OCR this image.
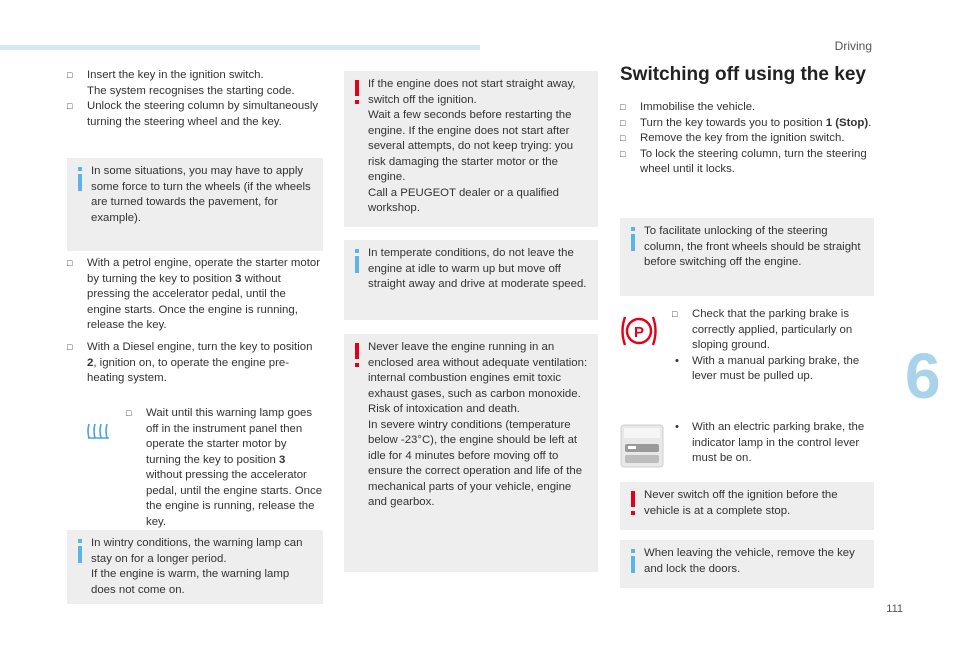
Driving
6
111
□ Insert the key in the ignition switch.
The system recognises the starting code.
□ Unlock the steering column by simultaneously turning the steering wheel and the key.
In some situations, you may have to apply some force to turn the wheels (if the wheels are turned towards the pavement, for example).
□ With a petrol engine, operate the starter motor by turning the key to position 3 without pressing the accelerator pedal, until the engine starts. Once the engine is running, release the key.
□ With a Diesel engine, turn the key to position 2, ignition on, to operate the engine pre-heating system.
□ Wait until this warning lamp goes off in the instrument panel then operate the starter motor by turning the key to position 3 without pressing the accelerator pedal, until the engine starts. Once the engine is running, release the key.
In wintry conditions, the warning lamp can stay on for a longer period.
If the engine is warm, the warning lamp does not come on.
If the engine does not start straight away, switch off the ignition.
Wait a few seconds before restarting the engine. If the engine does not start after several attempts, do not keep trying: you risk damaging the starter motor or the engine.
Call a PEUGEOT dealer or a qualified workshop.
In temperate conditions, do not leave the engine at idle to warm up but move off straight away and drive at moderate speed.
Never leave the engine running in an enclosed area without adequate ventilation: internal combustion engines emit toxic exhaust gases, such as carbon monoxide. Risk of intoxication and death.
In severe wintry conditions (temperature below -23°C), the engine should be left at idle for 4 minutes before moving off to ensure the correct operation and life of the mechanical parts of your vehicle, engine and gearbox.
Switching off using the key
□ Immobilise the vehicle.
□ Turn the key towards you to position 1 (Stop).
□ Remove the key from the ignition switch.
□ To lock the steering column, turn the steering wheel until it locks.
To facilitate unlocking of the steering column, the front wheels should be straight before switching off the engine.
P
□ Check that the parking brake is correctly applied, particularly on sloping ground.
• With a manual parking brake, the lever must be pulled up.
• With an electric parking brake, the indicator lamp in the control lever must be on.
Never switch off the ignition before the vehicle is at a complete stop.
When leaving the vehicle, remove the key and lock the doors.
